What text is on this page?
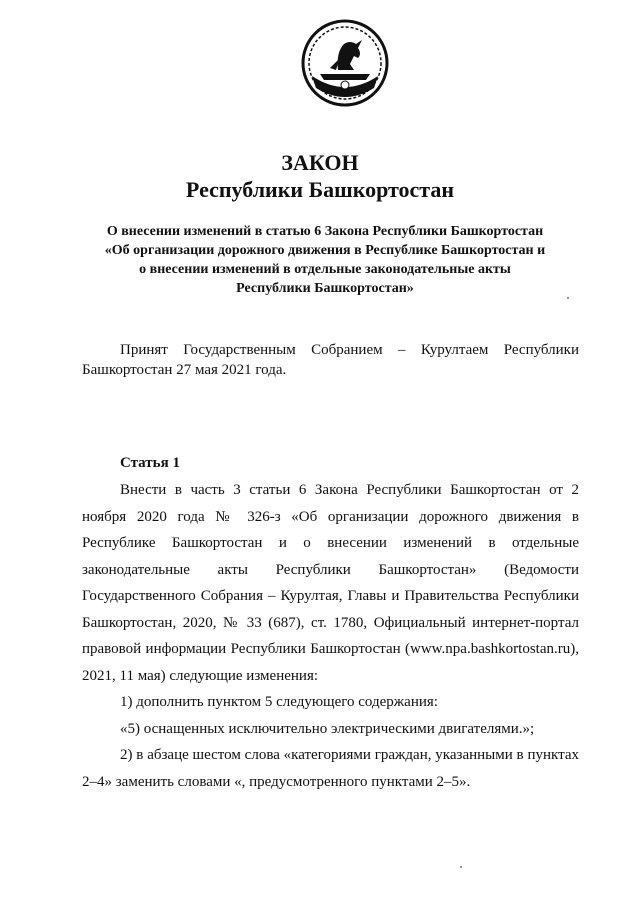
ЗАКОН
Республики Башкортостан
О внесении изменений в статью 6 Закона Республики Башкортостан
«Об организации дорожного движения в Республике Башкортостан и
о внесении изменений в отдельные законодательные акты
Республики Башкортостан»
Принят Государственным Собранием – Курултаем Республики Башкортостан 27 мая 2021 года.
Статья 1

Внести в часть 3 статьи 6 Закона Республики Башкортостан от 2 ноября 2020 года № 326-з «Об организации дорожного движения в Республике Башкортостан и о внесении изменений в отдельные законодательные акты Республики Башкортостан» (Ведомости Государственного Собрания – Курултая, Главы и Правительства Республики Башкортостан, 2020, № 33 (687), ст. 1780, Официальный интернет-портал правовой информации Республики Башкортостан (www.npa.bashkortostan.ru), 2021, 11 мая) следующие изменения:

1) дополнить пунктом 5 следующего содержания:

«5) оснащенных исключительно электрическими двигателями.»;

2) в абзаце шестом слова «категориями граждан, указанными в пунктах 2–4» заменить словами «, предусмотренного пунктами 2–5».
